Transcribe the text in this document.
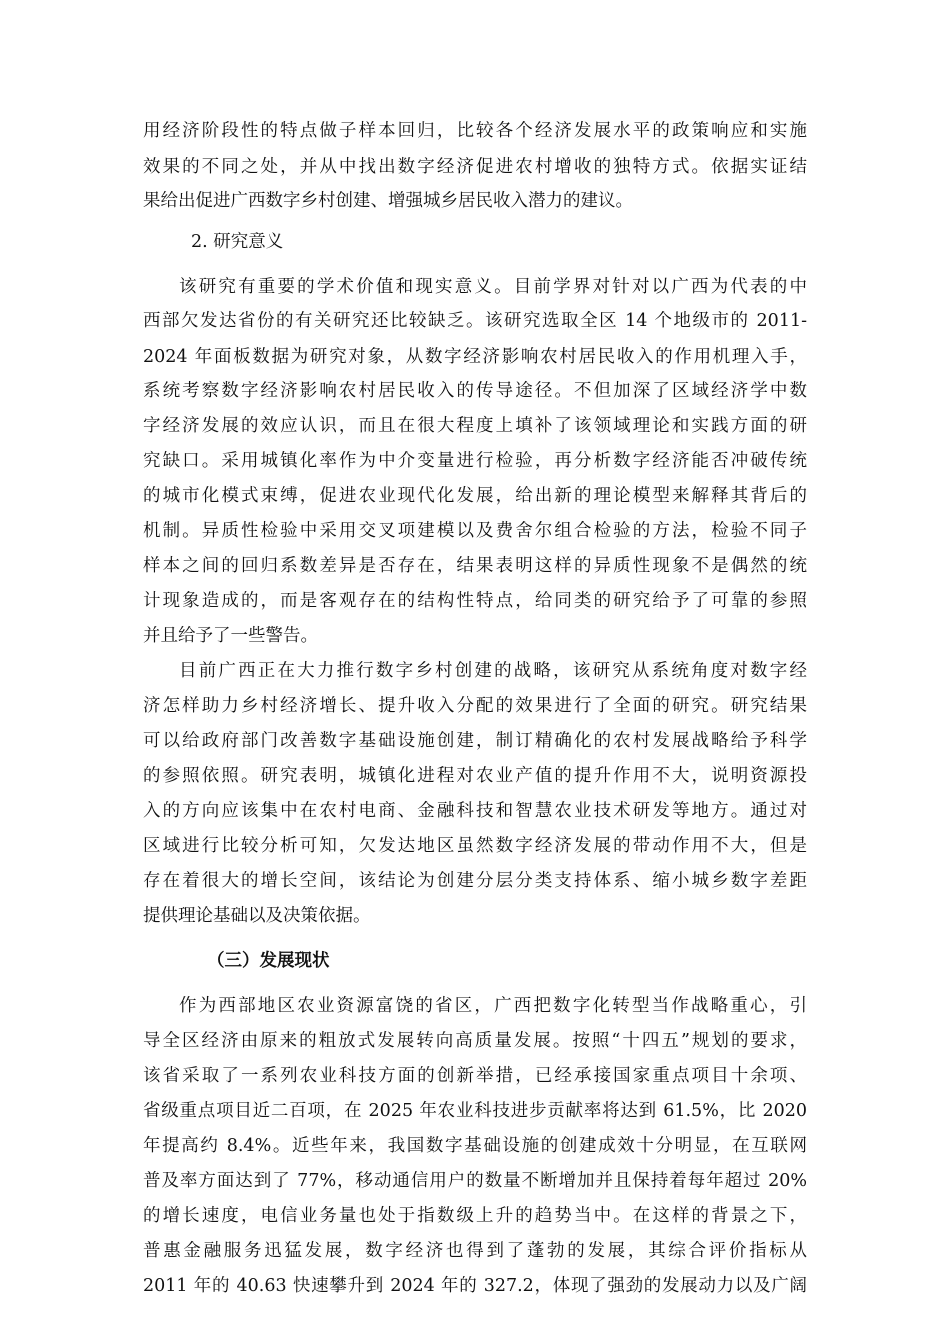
用经济阶段性的特点做子样本回归，比较各个经济发展水平的政策响应和实施
效果的不同之处，并从中找出数字经济促进农村增收的独特方式。依据实证结
果给出促进广西数字乡村创建、增强城乡居民收入潜力的建议。
2. 研究意义
该研究有重要的学术价值和现实意义。目前学界对针对以广西为代表的中
西部欠发达省份的有关研究还比较缺乏。该研究选取全区 14 个地级市的 2011-
2024 年面板数据为研究对象，从数字经济影响农村居民收入的作用机理入手，
系统考察数字经济影响农村居民收入的传导途径。不但加深了区域经济学中数
字经济发展的效应认识，而且在很大程度上填补了该领域理论和实践方面的研
究缺口。采用城镇化率作为中介变量进行检验，再分析数字经济能否冲破传统
的城市化模式束缚，促进农业现代化发展，给出新的理论模型来解释其背后的
机制。异质性检验中采用交叉项建模以及费舍尔组合检验的方法，检验不同子
样本之间的回归系数差异是否存在，结果表明这样的异质性现象不是偶然的统
计现象造成的，而是客观存在的结构性特点，给同类的研究给予了可靠的参照
并且给予了一些警告。
目前广西正在大力推行数字乡村创建的战略，该研究从系统角度对数字经
济怎样助力乡村经济增长、提升收入分配的效果进行了全面的研究。研究结果
可以给政府部门改善数字基础设施创建，制订精确化的农村发展战略给予科学
的参照依照。研究表明，城镇化进程对农业产值的提升作用不大，说明资源投
入的方向应该集中在农村电商、金融科技和智慧农业技术研发等地方。通过对
区域进行比较分析可知，欠发达地区虽然数字经济发展的带动作用不大，但是
存在着很大的增长空间，该结论为创建分层分类支持体系、缩小城乡数字差距
提供理论基础以及决策依据。
（三）发展现状
作为西部地区农业资源富饶的省区，广西把数字化转型当作战略重心，引
导全区经济由原来的粗放式发展转向高质量发展。按照“十四五”规划的要求，
该省采取了一系列农业科技方面的创新举措，已经承接国家重点项目十余项、
省级重点项目近二百项，在 2025 年农业科技进步贡献率将达到 61.5%，比 2020
年提高约 8.4%。近些年来，我国数字基础设施的创建成效十分明显，在互联网
普及率方面达到了 77%，移动通信用户的数量不断增加并且保持着每年超过 20%
的增长速度，电信业务量也处于指数级上升的趋势当中。在这样的背景之下，
普惠金融服务迅猛发展，数字经济也得到了蓬勃的发展，其综合评价指标从
2011 年的 40.63 快速攀升到 2024 年的 327.2，体现了强劲的发展动力以及广阔
